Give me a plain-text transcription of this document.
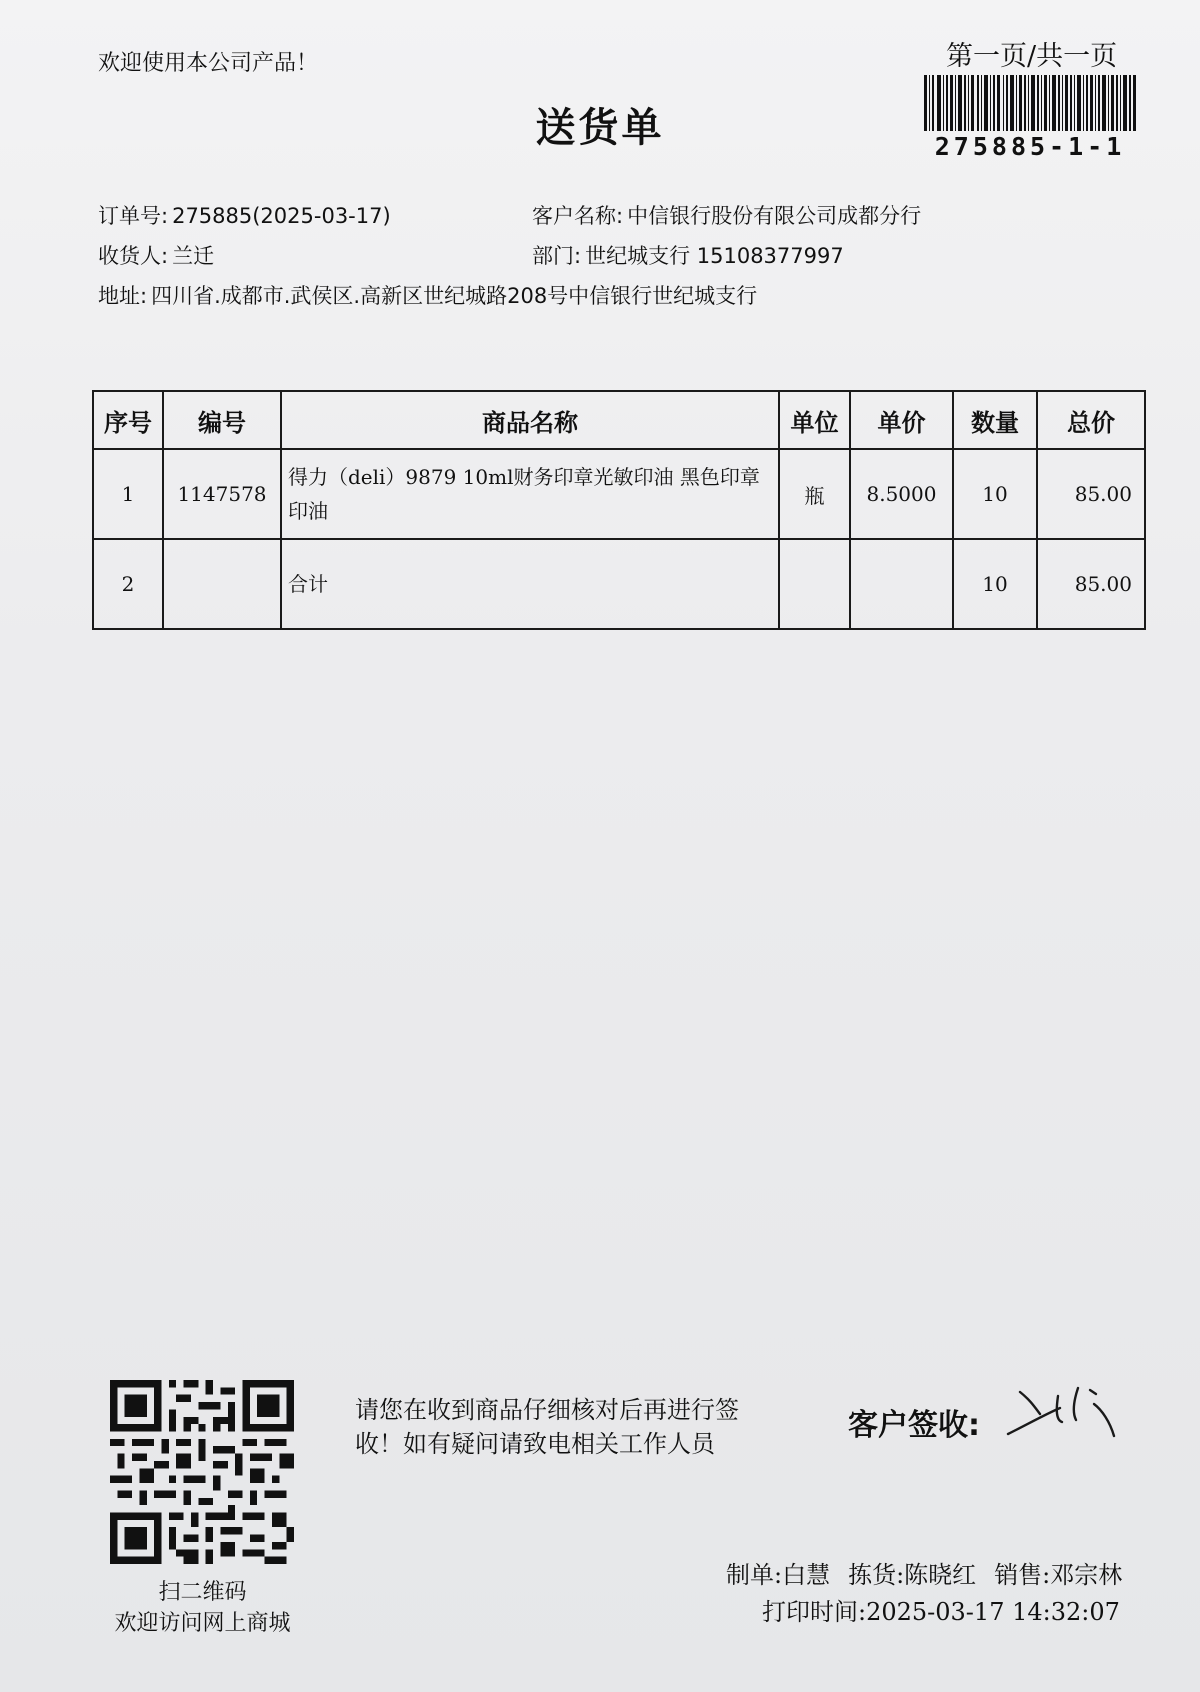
欢迎使用本公司产品！
送货单
第一页/共一页
275885-1-1
订单号: 275885(2025-03-17)
收货人: 兰迁
地址: 四川省.成都市.武侯区.高新区世纪城路208号中信银行世纪城支行
客户名称: 中信银行股份有限公司成都分行
部门: 世纪城支行 15108377997
序号	编号	商品名称	单位	单价	数量	总价
1	1147578	得力（deli）9879 10ml财务印章光敏印油 黑色印章印油	瓶	8.5000	10	85.00
2		合计			10	85.00
扫二维码
欢迎访问网上商城
请您在收到商品仔细核对后再进行签收！如有疑问请致电相关工作人员
客户签收:
制单:白慧 拣货:陈晓红 销售:邓宗林
打印时间:2025-03-17 14:32:07
